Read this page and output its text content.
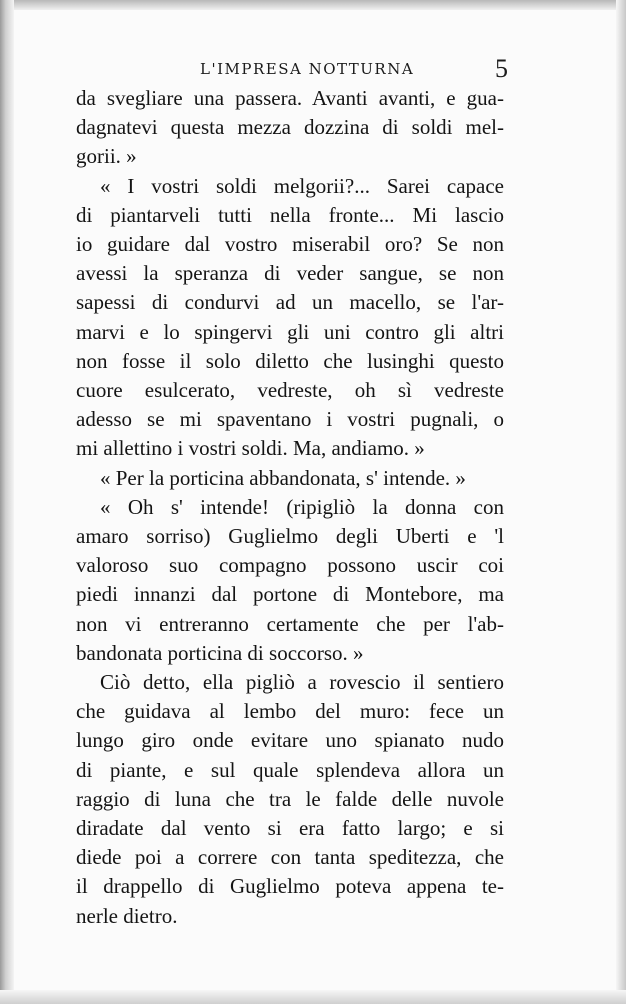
L'IMPRESA NOTTURNA	5
da svegliare una passera. Avanti avanti, e gua-
dagnatevi questa mezza dozzina di soldi mel-
gorii. »
« I vostri soldi melgorii?... Sarei capace
di piantarveli tutti nella fronte... Mi lascio
io guidare dal vostro miserabil oro? Se non
avessi la speranza di veder sangue, se non
sapessi di condurvi ad un macello, se l'ar-
marvi e lo spingervi gli uni contro gli altri
non fosse il solo diletto che lusinghi questo
cuore esulcerato, vedreste, oh sì vedreste
adesso se mi spaventano i vostri pugnali, o
mi allettino i vostri soldi. Ma, andiamo. »
« Per la porticina abbandonata, s' intende. »
« Oh s' intende! (ripigliò la donna con
amaro sorriso) Guglielmo degli Uberti e 'l
valoroso suo compagno possono uscir coi
piedi innanzi dal portone di Montebore, ma
non vi entreranno certamente che per l'ab-
bandonata porticina di soccorso. »
Ciò detto, ella pigliò a rovescio il sentiero
che guidava al lembo del muro: fece un
lungo giro onde evitare uno spianato nudo
di piante, e sul quale splendeva allora un
raggio di luna che tra le falde delle nuvole
diradate dal vento si era fatto largo; e si
diede poi a correre con tanta speditezza, che
il drappello di Guglielmo poteva appena te-
nerle dietro.
